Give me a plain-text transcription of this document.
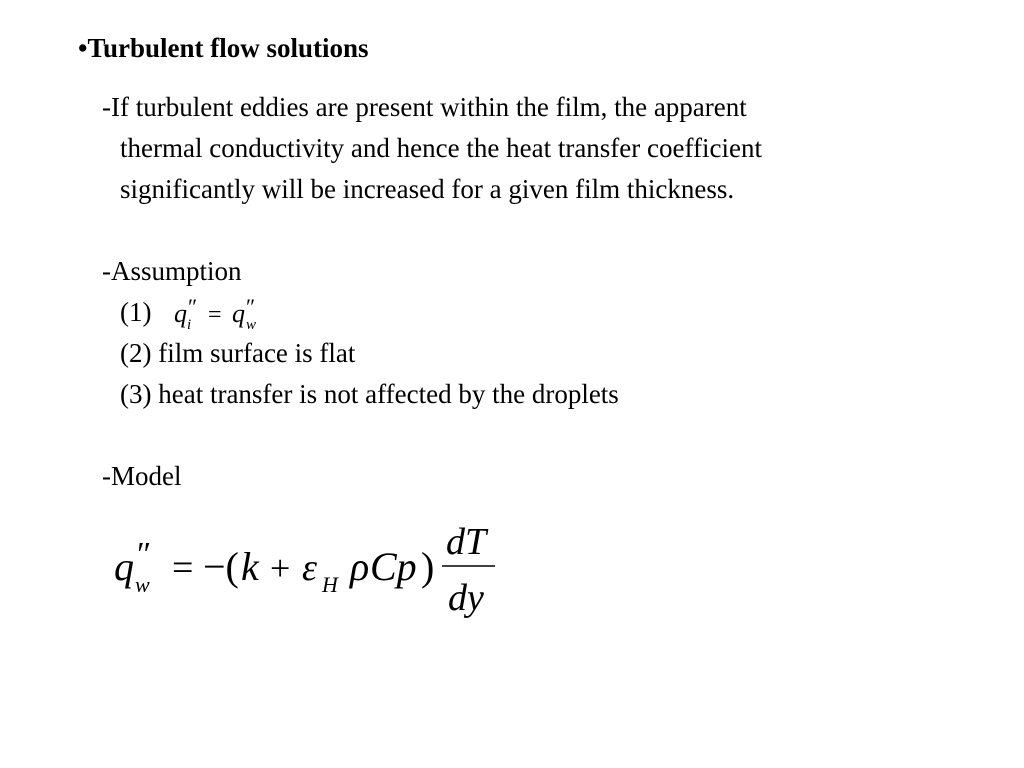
•Turbulent flow solutions
-If turbulent eddies are present within the film, the apparent
thermal conductivity and hence the heat transfer coefficient
significantly will be increased for a given film thickness.
-Assumption
(1) q ″
i = q ″
w
(2) film surface is flat
(3) heat transfer is not affected by the droplets
-Model
q ″
w = −( k + ε H ρ Cp )
dT
dy
